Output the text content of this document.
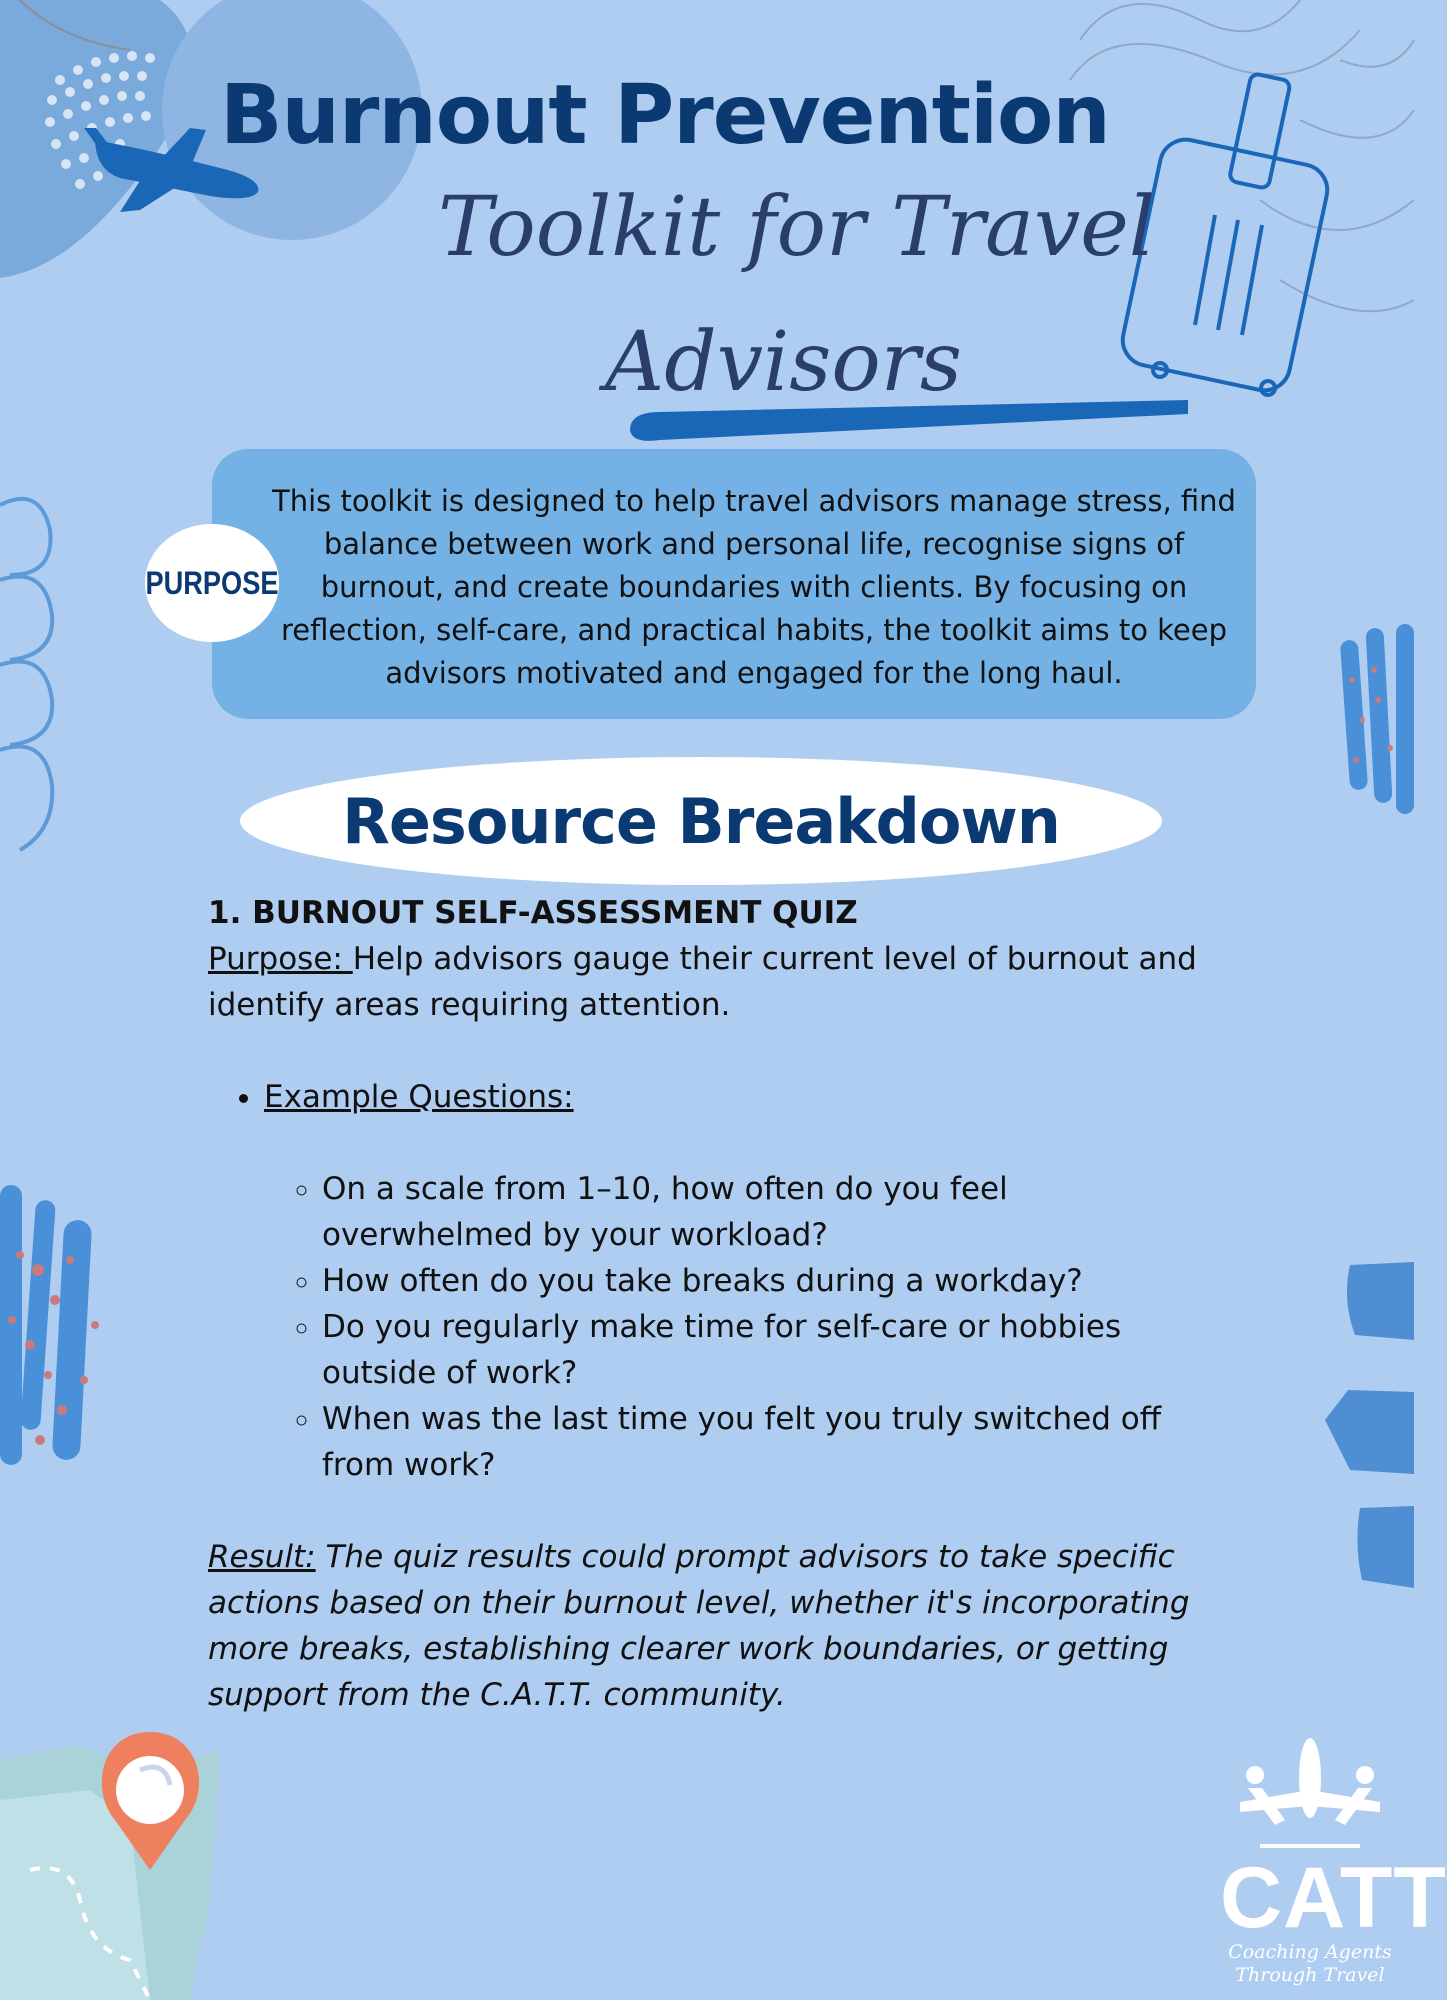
Burnout Prevention
Toolkit for Travel
Advisors
This toolkit is designed to help travel advisors manage stress, find balance between work and personal life, recognise signs of burnout, and create boundaries with clients. By focusing on reflection, self-care, and practical habits, the toolkit aims to keep advisors motivated and engaged for the long haul.
PURPOSE
Resource Breakdown
1. BURNOUT SELF-ASSESSMENT QUIZ

Purpose: Help advisors gauge their current level of burnout and identify areas requiring attention.

• Example Questions:
◦ On a scale from 1–10, how often do you feel overwhelmed by your workload?
◦ How often do you take breaks during a workday?
◦ Do you regularly make time for self-care or hobbies outside of work?
◦ When was the last time you felt you truly switched off from work?

Result: The quiz results could prompt advisors to take specific actions based on their burnout level, whether it's incorporating more breaks, establishing clearer work boundaries, or getting support from the C.A.T.T. community.

CATT
Coaching Agents
Through Travel
